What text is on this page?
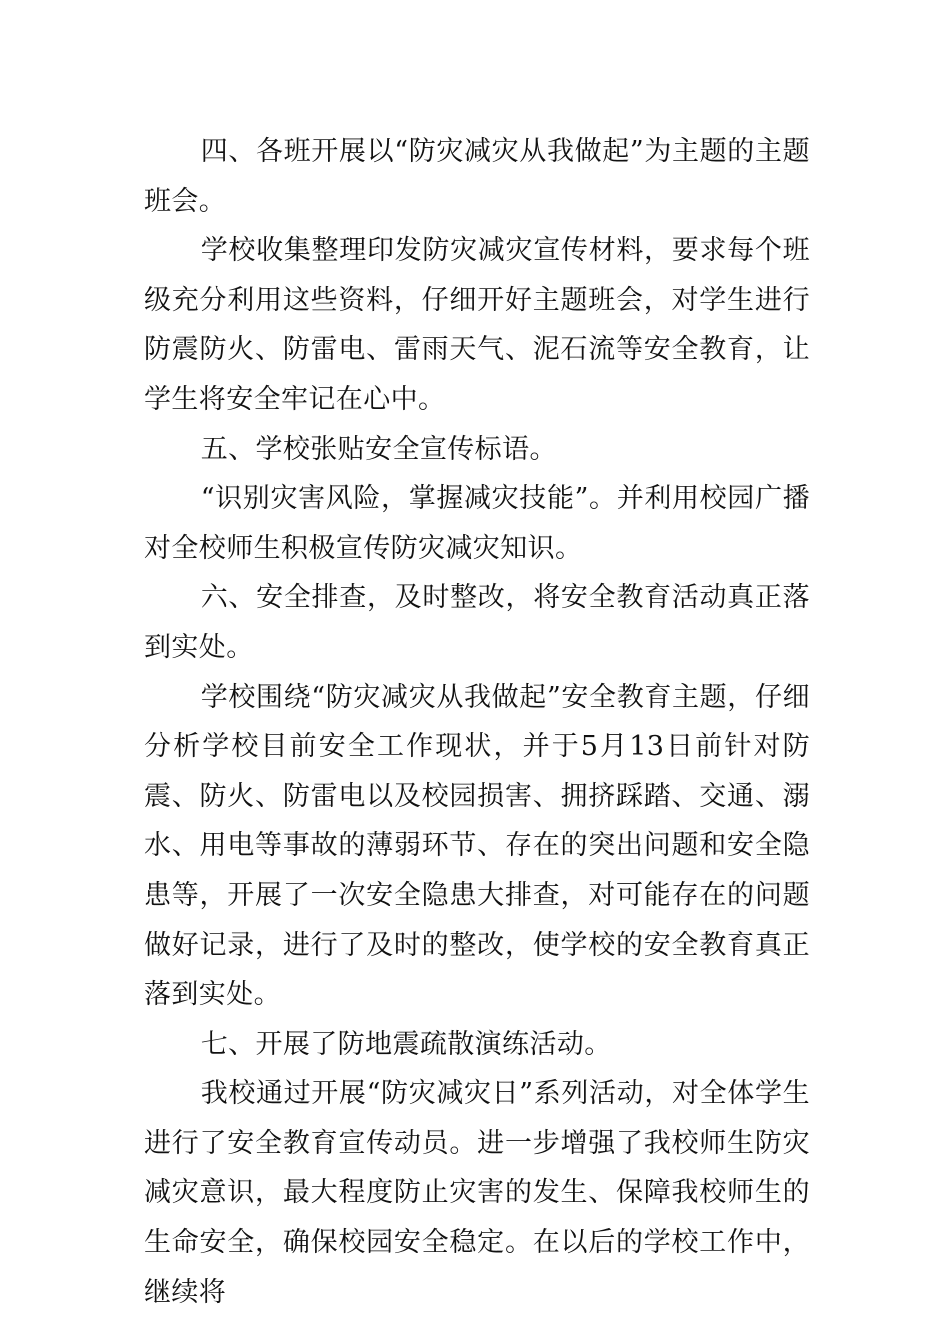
四、各班开展以“防灾减灾从我做起”为主题的主题班会。

学校收集整理印发防灾减灾宣传材料，要求每个班级充分利用这些资料，仔细开好主题班会，对学生进行防震防火、防雷电、雷雨天气、泥石流等安全教育，让学生将安全牢记在心中。

五、学校张贴安全宣传标语。

“识别灾害风险，掌握减灾技能”。并利用校园广播对全校师生积极宣传防灾减灾知识。

六、安全排查，及时整改，将安全教育活动真正落到实处。

学校围绕“防灾减灾从我做起”安全教育主题，仔细分析学校目前安全工作现状，并于5月13日前针对防震、防火、防雷电以及校园损害、拥挤踩踏、交通、溺水、用电等事故的薄弱环节、存在的突出问题和安全隐患等，开展了一次安全隐患大排查，对可能存在的问题做好记录，进行了及时的整改，使学校的安全教育真正落到实处。

七、开展了防地震疏散演练活动。

我校通过开展“防灾减灾日”系列活动，对全体学生进行了安全教育宣传动员。进一步增强了我校师生防灾减灾意识，最大程度防止灾害的发生、保障我校师生的生命安全，确保校园安全稳定。在以后的学校工作中，继续将
